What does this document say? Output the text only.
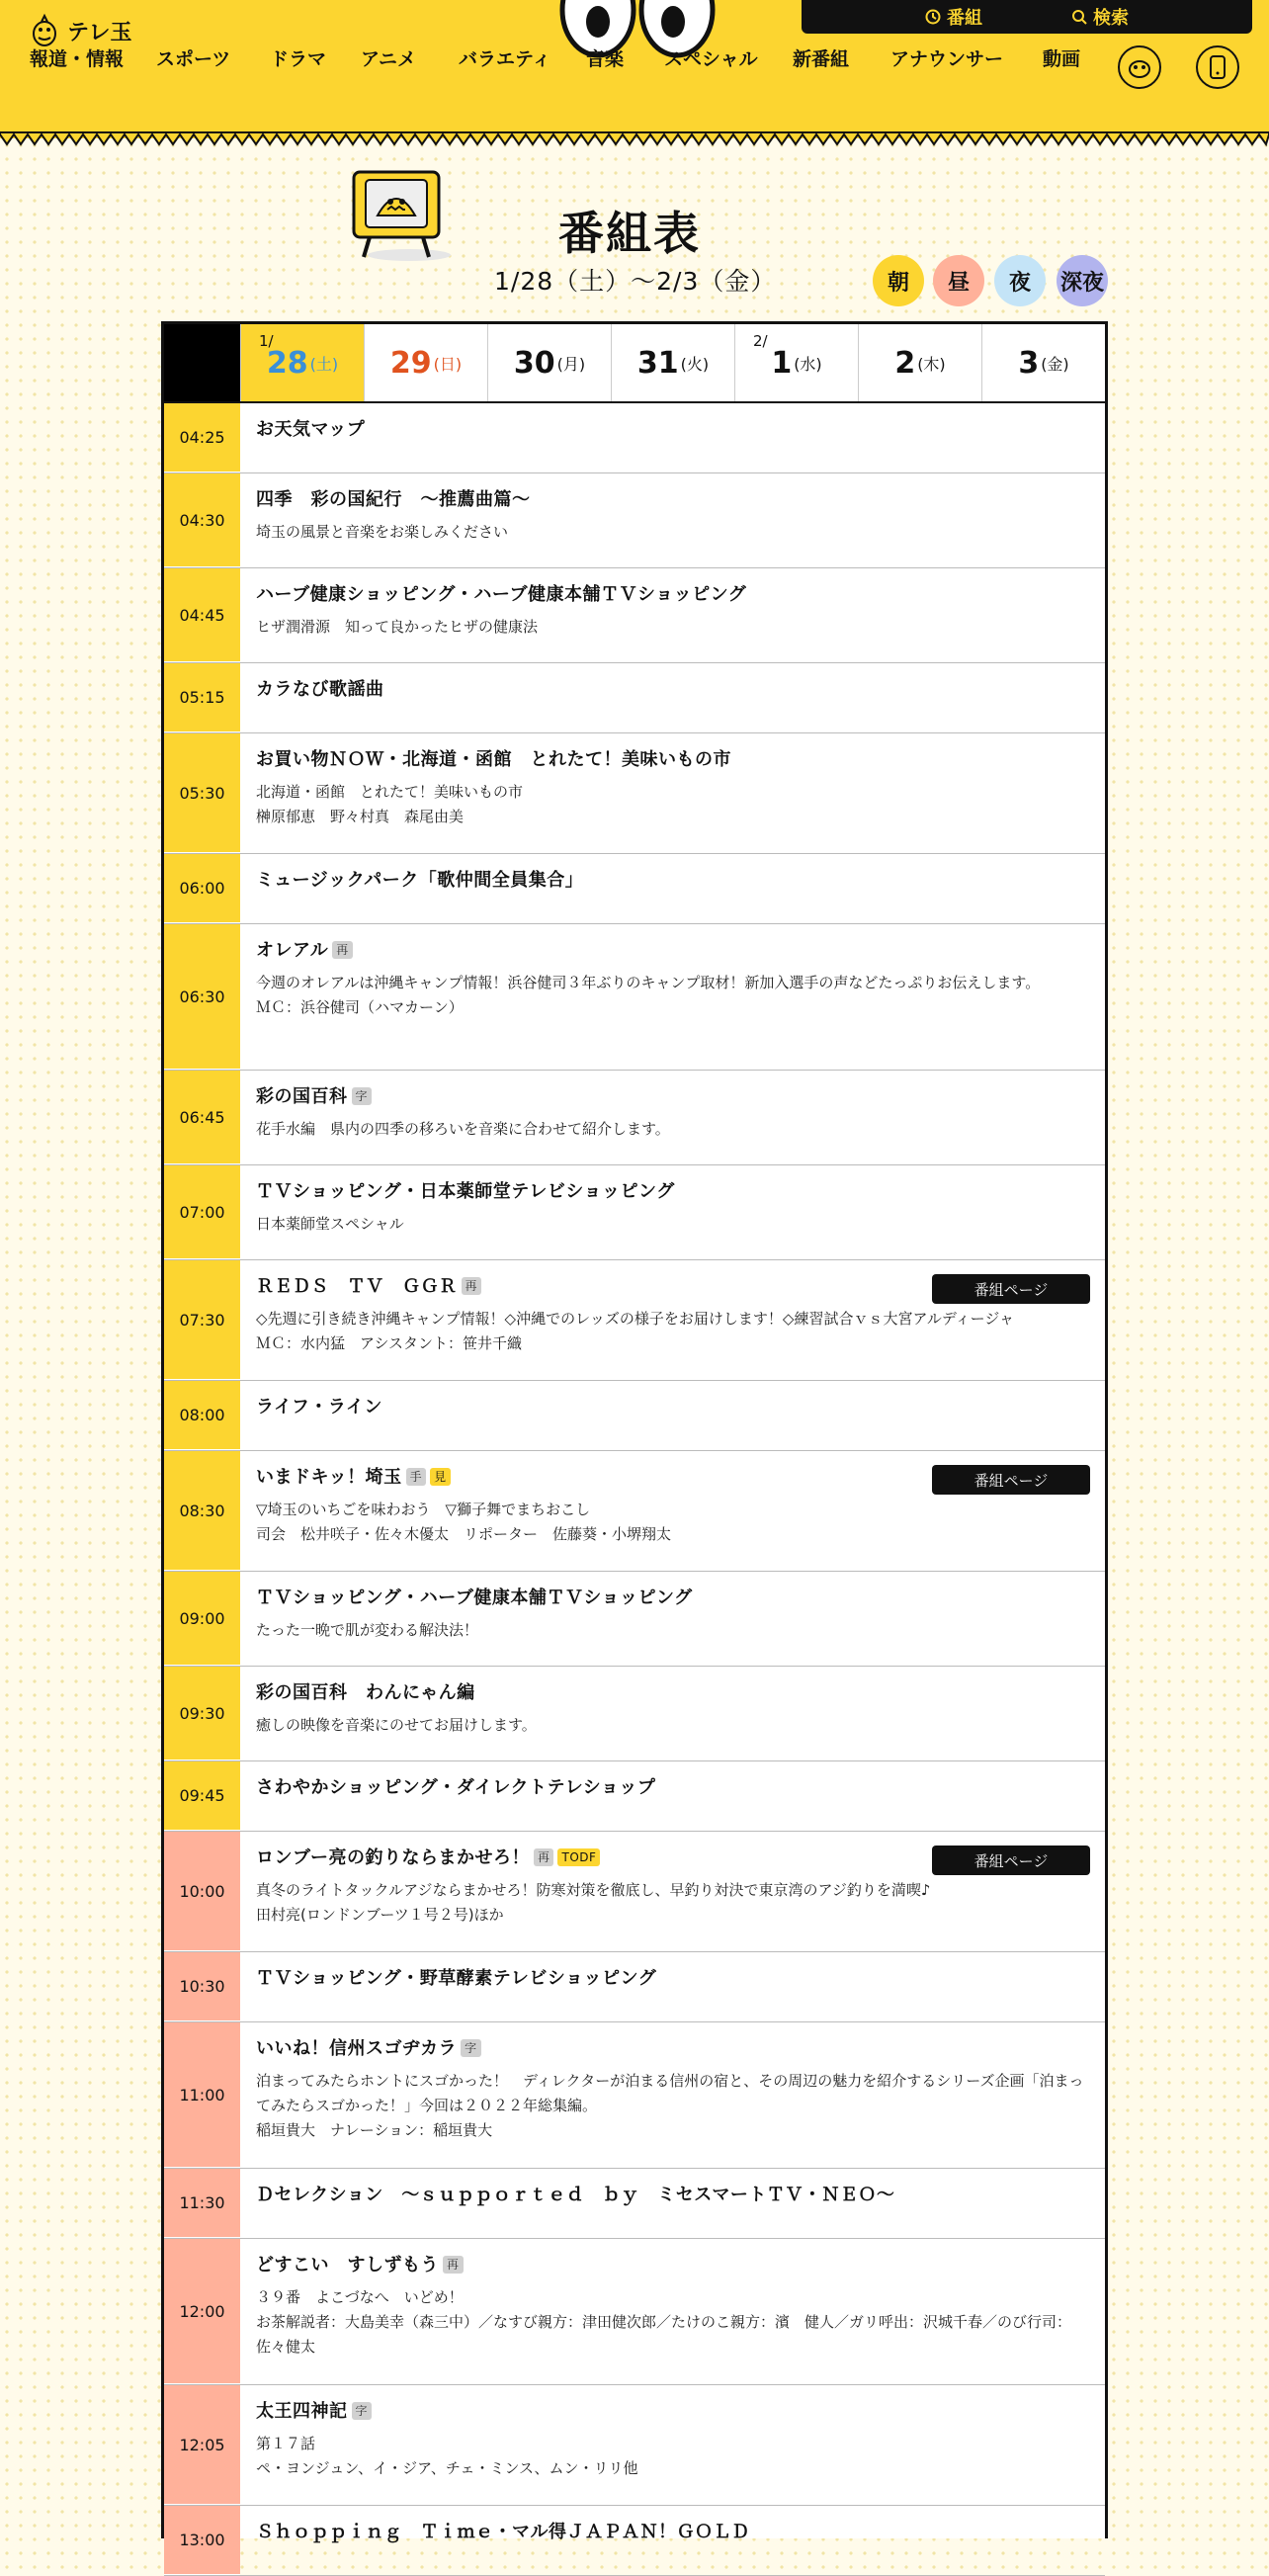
テレ玉
番組	検索
報道・情報 スポーツ ドラマ アニメ バラエティ 音楽 スペシャル 新番組 アナウンサー 動画
番組表
1/28（土）〜2/3（金）	朝 昼 夜 深夜
1/
28 (土) 29 (日) 30 (月) 31 (火)
2/
1 (水) 2 (木) 3 (金)
04:25	お天気マップ
04:30
四季　彩の国紀行　～推薦曲篇～
埼玉の風景と音楽をお楽しみください
04:45
ハーブ健康ショッピング・ハーブ健康本舗ＴＶショッピング
ヒザ潤滑源　知って良かったヒザの健康法
05:15	カラなび歌謡曲
05:30
お買い物ＮＯＷ・北海道・函館　とれたて！美味いもの市
北海道・函館　とれたて！美味いもの市
榊原郁恵　野々村真　森尾由美
06:00	ミュージックパーク「歌仲間全員集合」
06:30
オレアル 再
今週のオレアルは沖縄キャンプ情報！浜谷健司３年ぶりのキャンプ取材！新加入選手の声などたっぷりお伝えします。
ＭＣ：浜谷健司（ハマカーン）
06:45
彩の国百科 字
花手水編　県内の四季の移ろいを音楽に合わせて紹介します。
07:00
ＴＶショッピング・日本薬師堂テレビショッピング
日本薬師堂スペシャル
07:30
ＲＥＤＳ　ＴＶ　ＧＧＲ 再
◇先週に引き続き沖縄キャンプ情報！◇沖縄でのレッズの様子をお届けします！◇練習試合ｖｓ大宮アルディージャ
ＭＣ：水内猛　アシスタント：笹井千織
番組ページ
08:00	ライフ・ライン
08:30
いまドキッ！埼玉 手 見
▽埼玉のいちごを味わおう　▽獅子舞でまちおこし
司会　松井咲子・佐々木優太　リポーター　佐藤葵・小堺翔太
番組ページ
09:00
ＴＶショッピング・ハーブ健康本舗ＴＶショッピング
たった一晩で肌が変わる解決法！
09:30
彩の国百科　わんにゃん編
癒しの映像を音楽にのせてお届けします。
09:45	さわやかショッピング・ダイレクトテレショップ
10:00
ロンブー亮の釣りならまかせろ！ 再 TODF
真冬のライトタックルアジならまかせろ！防寒対策を徹底し、早釣り対決で東京湾のアジ釣りを満喫♪
田村亮(ロンドンブーツ１号２号)ほか
番組ページ
10:30	ＴＶショッピング・野草酵素テレビショッピング
11:00
いいね！信州スゴヂカラ 字
泊まってみたらホントにスゴかった！　ディレクターが泊まる信州の宿と、その周辺の魅力を紹介するシリーズ企画「泊まってみたらスゴかった！」今回は２０２２年総集編。
稲垣貴大　ナレーション：稲垣貴大
11:30	Ｄセレクション　～ｓｕｐｐｏｒｔｅｄ　ｂｙ　ミセスマートＴＶ・ＮＥＯ～
12:00
どすこい　すしずもう 再
３９番　よこづなへ　いどめ！
お茶解説者：大島美幸（森三中）／なすび親方：津田健次郎／たけのこ親方：濱　健人／ガリ呼出：沢城千春／のび行司：佐々健太
12:05
太王四神記 字
第１７話
ペ・ヨンジュン、イ・ジア、チェ・ミンス、ムン・リリ他
13:00	Ｓｈｏｐｐｉｎｇ　Ｔｉｍｅ・マル得ＪＡＰＡＮ！ＧＯＬＤ
